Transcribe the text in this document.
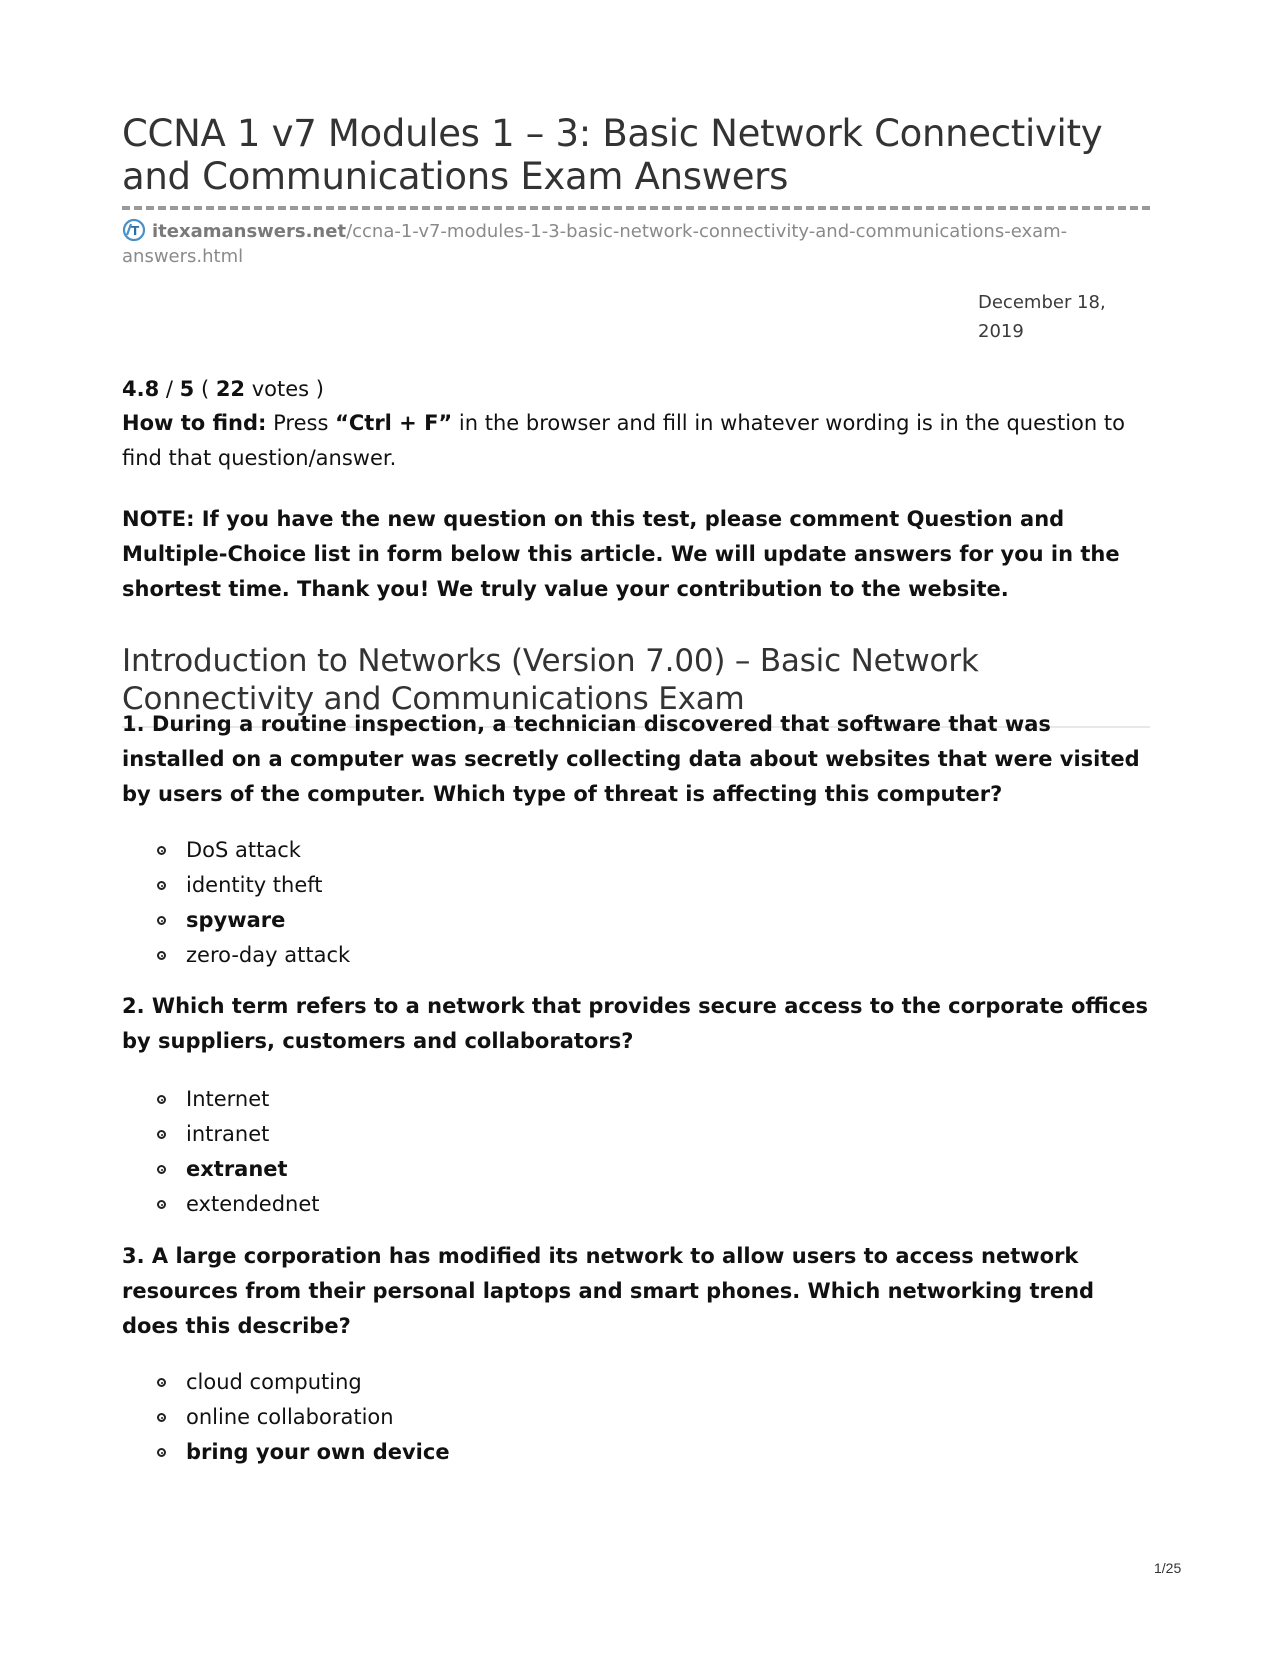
CCNA 1 v7 Modules 1 – 3: Basic Network Connectivity and Communications Exam Answers
T itexamanswers.net/ccna-1-v7-modules-1-3-basic-network-connectivity-and-communications-exam-answers.html
December 18, 2019
4.8 / 5 ( 22 votes )
How to find: Press “Ctrl + F” in the browser and fill in whatever wording is in the question to find that question/answer.
NOTE: If you have the new question on this test, please comment Question and Multiple-Choice list in form below this article. We will update answers for you in the shortest time. Thank you! We truly value your contribution to the website.
Introduction to Networks (Version 7.00) – Basic Network Connectivity and Communications Exam

1. During a routine inspection, a technician discovered that software that was installed on a computer was secretly collecting data about websites that were visited by users of the computer. Which type of threat is affecting this computer?

DoS attack
identity theft
spyware
zero-day attack

2. Which term refers to a network that provides secure access to the corporate offices by suppliers, customers and collaborators?

Internet
intranet
extranet
extendednet

3. A large corporation has modified its network to allow users to access network resources from their personal laptops and smart phones. Which networking trend does this describe?

cloud computing
online collaboration
bring your own device
1/25
